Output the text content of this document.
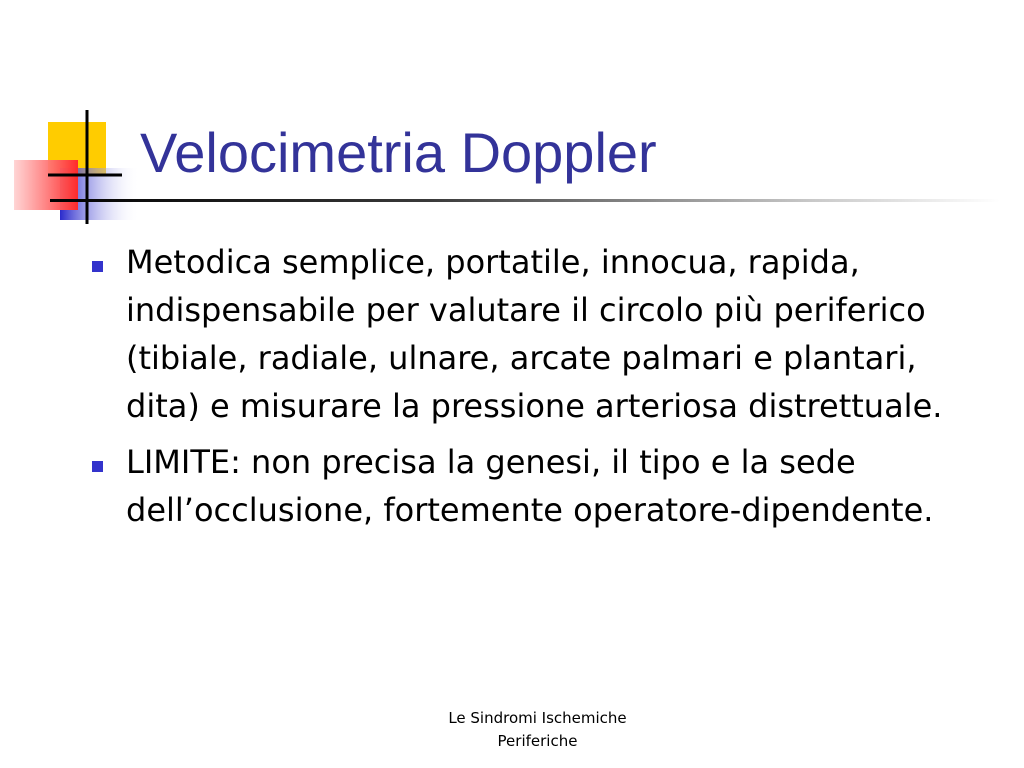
Velocimetria Doppler
Metodica semplice, portatile, innocua, rapida, indispensabile per valutare il circolo più periferico (tibiale, radiale, ulnare, arcate palmari e plantari, dita) e misurare la pressione arteriosa distrettuale.
LIMITE: non precisa la genesi, il tipo e la sede dell’occlusione, fortemente operatore-dipendente.
Le Sindromi Ischemiche
Periferiche
